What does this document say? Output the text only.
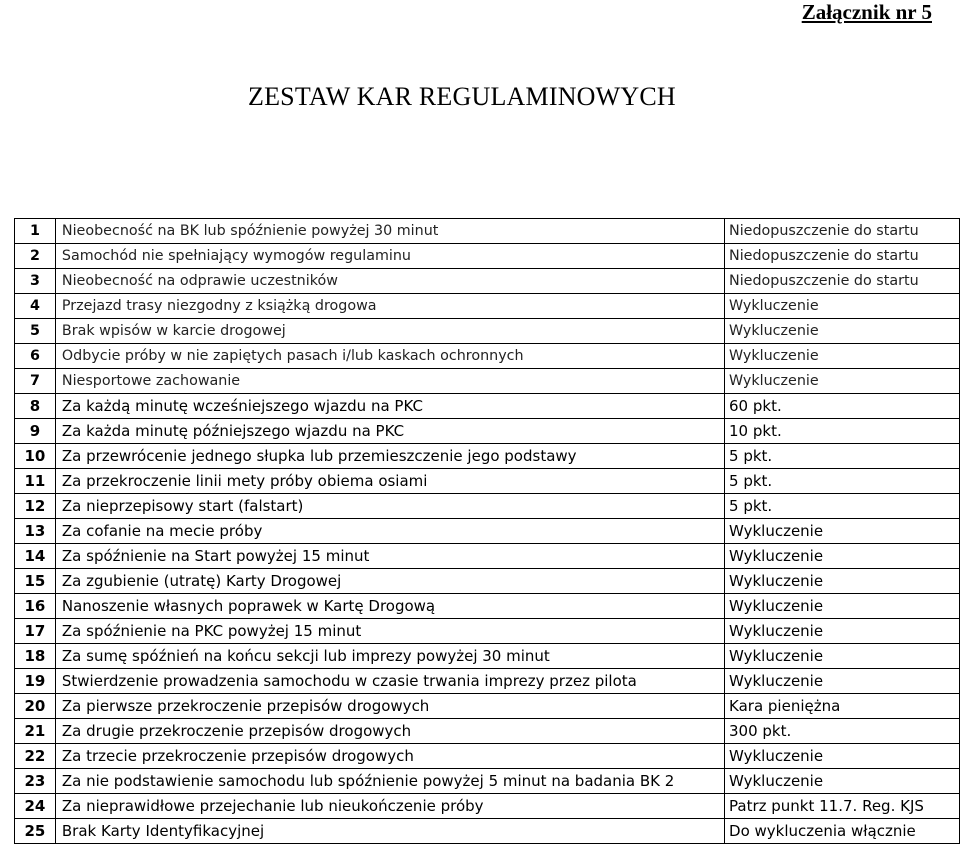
Załącznik nr 5
ZESTAW KAR REGULAMINOWYCH
1	Nieobecność na BK lub spóźnienie powyżej 30 minut	Niedopuszczenie do startu
2	Samochód nie spełniający wymogów regulaminu	Niedopuszczenie do startu
3	Nieobecność na odprawie uczestników	Niedopuszczenie do startu
4	Przejazd trasy niezgodny z książką drogowa	Wykluczenie
5	Brak wpisów w karcie drogowej	Wykluczenie
6	Odbycie próby w nie zapiętych pasach i/lub kaskach ochronnych	Wykluczenie
7	Niesportowe zachowanie	Wykluczenie
8	Za każdą minutę wcześniejszego wjazdu na PKC	60 pkt.
9	Za każda minutę późniejszego wjazdu na PKC	10 pkt.
10	Za przewrócenie jednego słupka lub przemieszczenie jego podstawy	5 pkt.
11	Za przekroczenie linii mety próby obiema osiami	5 pkt.
12	Za nieprzepisowy start (falstart)	5 pkt.
13	Za cofanie na mecie próby	Wykluczenie
14	Za spóźnienie na Start powyżej 15 minut	Wykluczenie
15	Za zgubienie (utratę) Karty Drogowej	Wykluczenie
16	Nanoszenie własnych poprawek w Kartę Drogową	Wykluczenie
17	Za spóźnienie na PKC powyżej 15 minut	Wykluczenie
18	Za sumę spóźnień na końcu sekcji lub imprezy powyżej 30 minut	Wykluczenie
19	Stwierdzenie prowadzenia samochodu w czasie trwania imprezy przez pilota	Wykluczenie
20	Za pierwsze przekroczenie przepisów drogowych	Kara pieniężna
21	Za drugie przekroczenie przepisów drogowych	300 pkt.
22	Za trzecie przekroczenie przepisów drogowych	Wykluczenie
23	Za nie podstawienie samochodu lub spóźnienie powyżej 5 minut na badania BK 2	Wykluczenie
24	Za nieprawidłowe przejechanie lub nieukończenie próby	Patrz punkt 11.7. Reg. KJS
25	Brak Karty Identyfikacyjnej	Do wykluczenia włącznie
